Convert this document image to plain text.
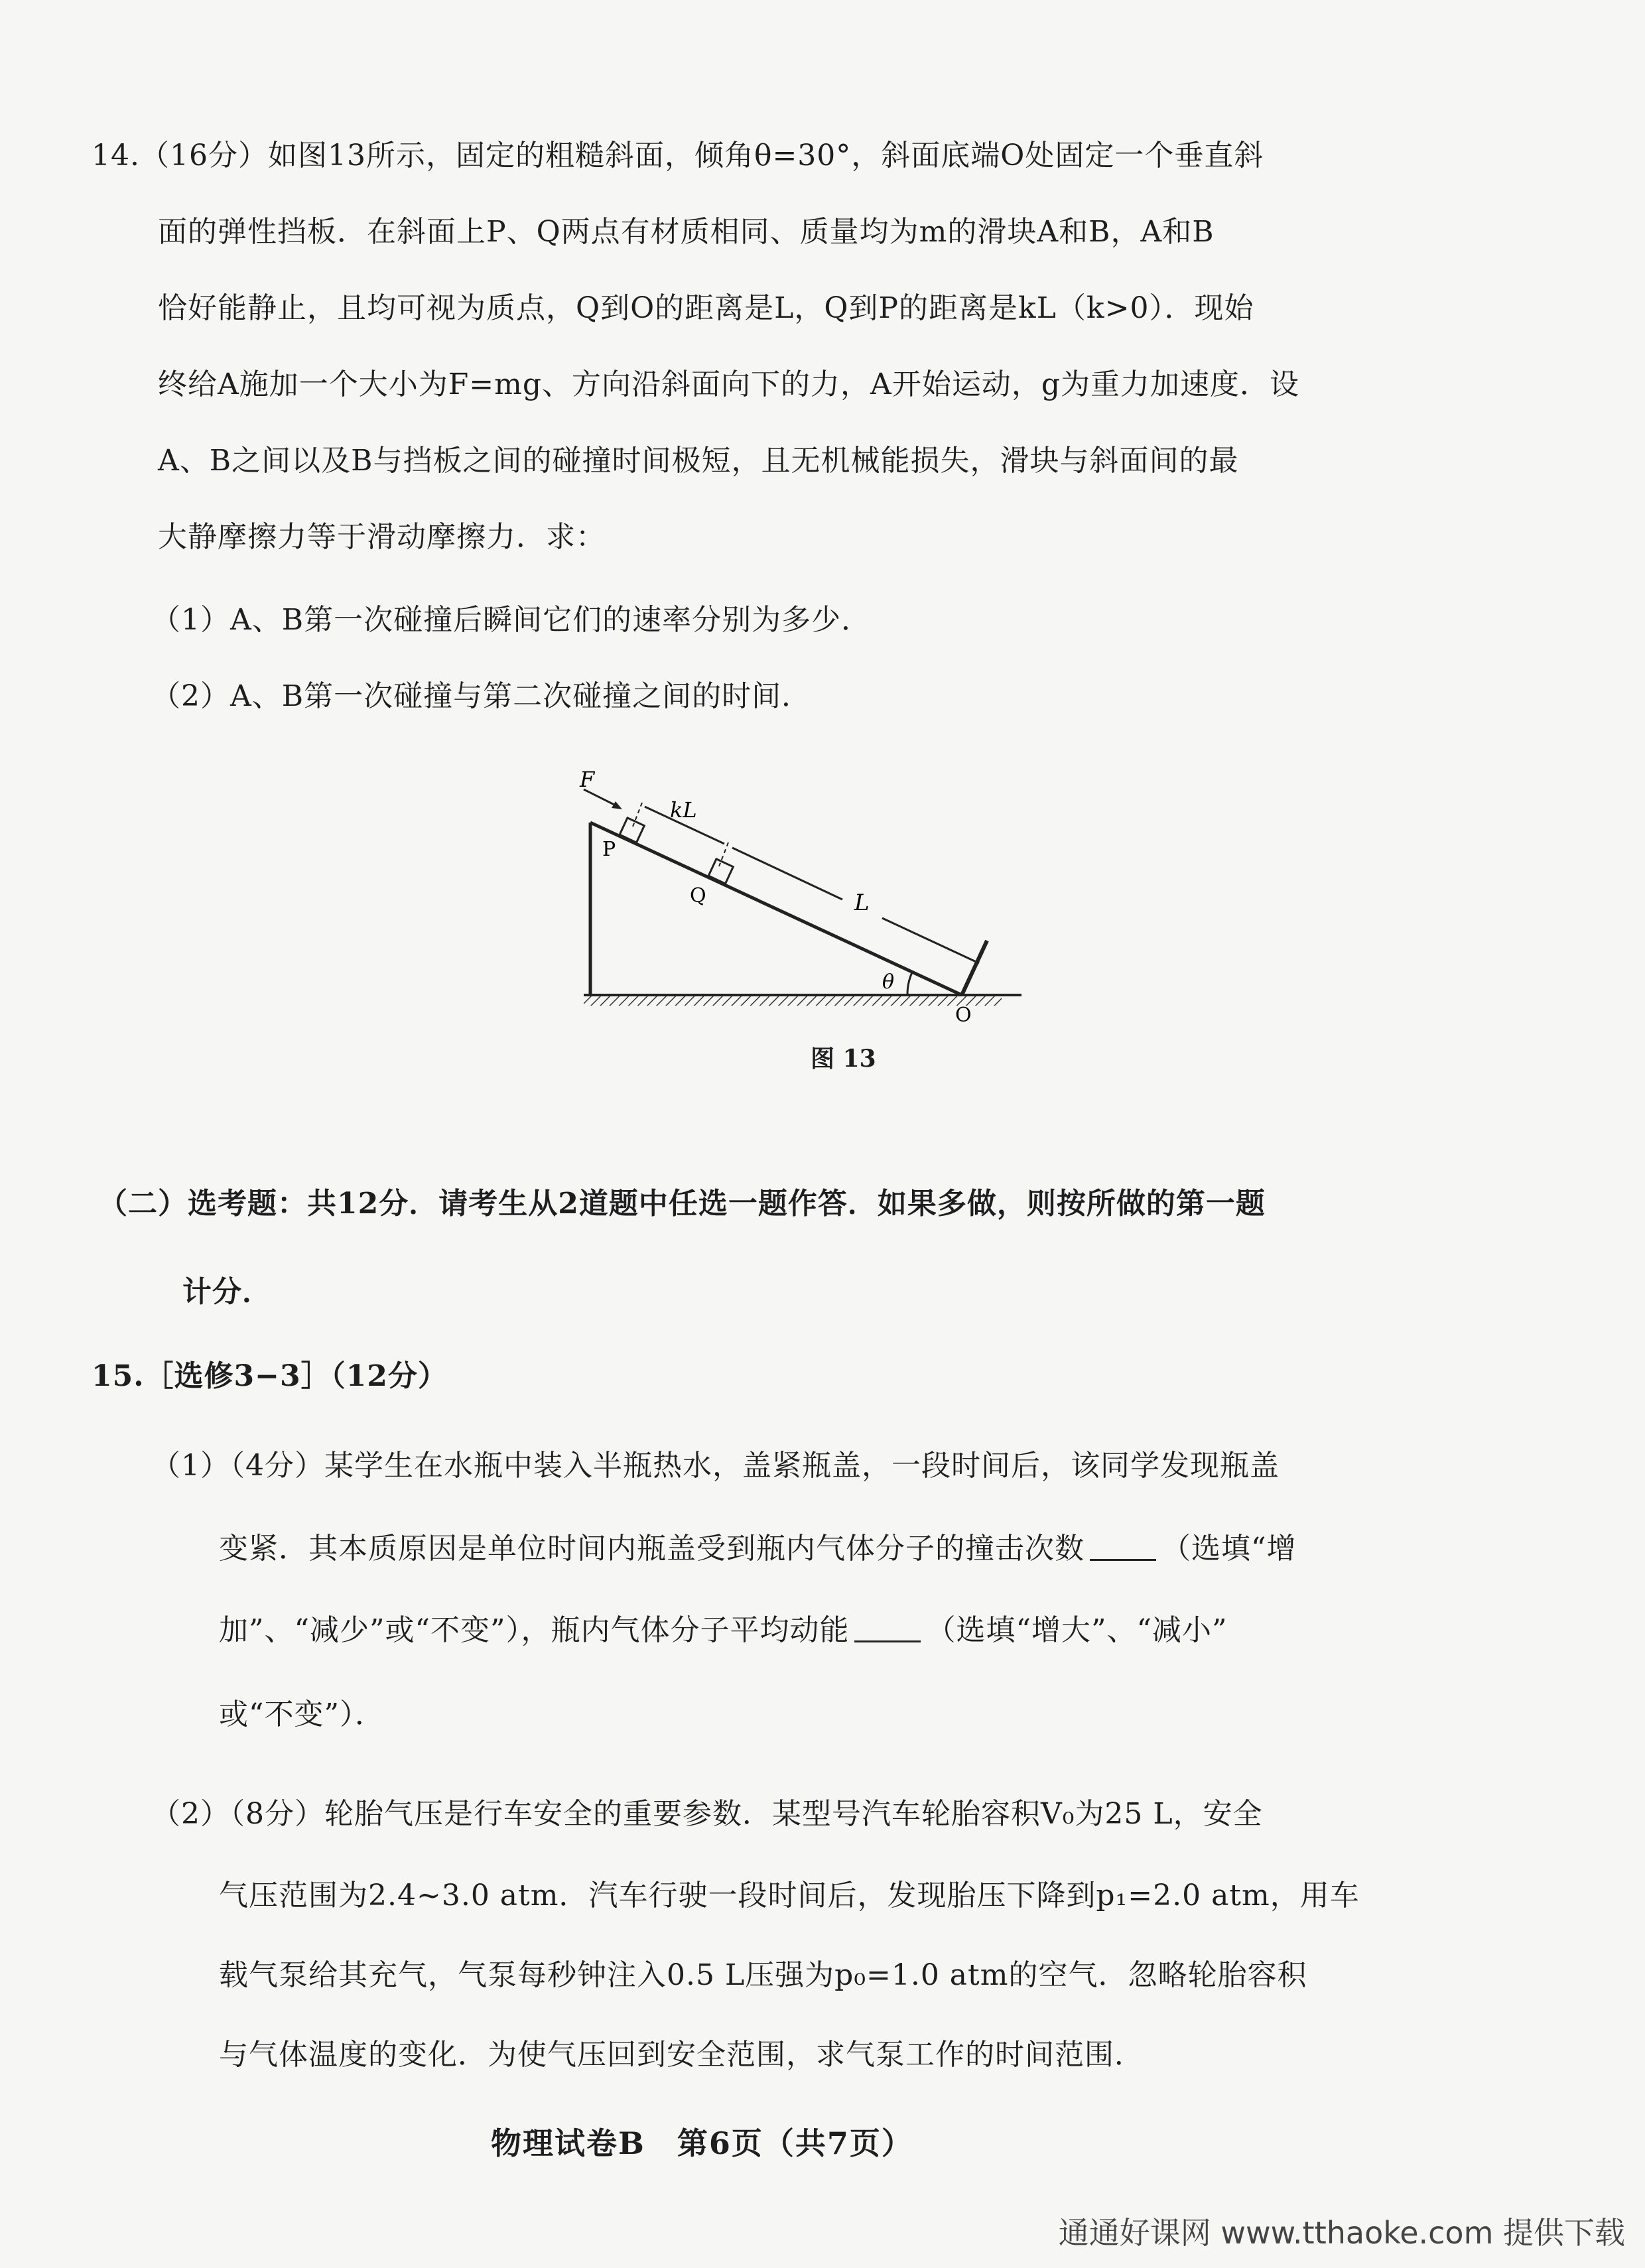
14.（16分）如图13所示，固定的粗糙斜面，倾角θ=30°，斜面底端O处固定一个垂直斜
面的弹性挡板．在斜面上P、Q两点有材质相同、质量均为m的滑块A和B，A和B
恰好能静止，且均可视为质点，Q到O的距离是L，Q到P的距离是kL（k>0）．现始
终给A施加一个大小为F=mg、方向沿斜面向下的力，A开始运动，g为重力加速度．设
A、B之间以及B与挡板之间的碰撞时间极短，且无机械能损失，滑块与斜面间的最
大静摩擦力等于滑动摩擦力．求：
（1）A、B第一次碰撞后瞬间它们的速率分别为多少．
（2）A、B第一次碰撞与第二次碰撞之间的时间．
F
kL
L
P
Q
θ
O
图 13
（二）选考题：共12分．请考生从2道题中任选一题作答．如果多做，则按所做的第一题
计分．
15.［选修3−3］（12分）
（1）（4分）某学生在水瓶中装入半瓶热水，盖紧瓶盖，一段时间后，该同学发现瓶盖
变紧．其本质原因是单位时间内瓶盖受到瓶内气体分子的撞击次数	（选填“增
加”、“减少”或“不变”），瓶内气体分子平均动能	（选填“增大”、“减小”
或“不变”）．
（2）（8分）轮胎气压是行车安全的重要参数．某型号汽车轮胎容积V₀为25 L，安全
气压范围为2.4~3.0 atm．汽车行驶一段时间后，发现胎压下降到p₁=2.0 atm，用车
载气泵给其充气，气泵每秒钟注入0.5 L压强为p₀=1.0 atm的空气．忽略轮胎容积
与气体温度的变化．为使气压回到安全范围，求气泵工作的时间范围．
物理试卷B　第6页（共7页）
通通好课网 www.tthaoke.com 提供下载
